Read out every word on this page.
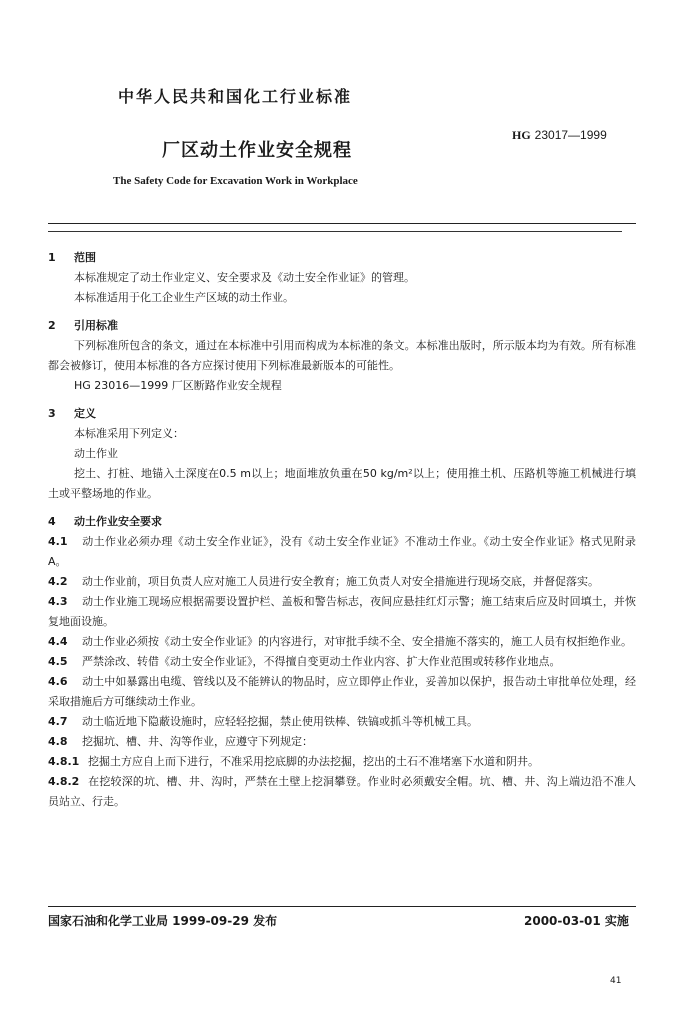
中华人民共和国化工行业标准
HG 23017—1999
厂区动土作业安全规程
The Safety Code for Excavation Work in Workplace
1 范围
本标准规定了动土作业定义、安全要求及《动土安全作业证》的管理。
本标准适用于化工企业生产区域的动土作业。
2 引用标准
下列标准所包含的条文，通过在本标准中引用而构成为本标准的条文。本标准出版时，所示版本均为有效。所有标准都会被修订，使用本标准的各方应探讨使用下列标准最新版本的可能性。
HG 23016—1999 厂区断路作业安全规程
3 定义
本标准采用下列定义：
动土作业
挖土、打桩、地锚入土深度在0.5 m以上；地面堆放负重在50 kg/m²以上；使用推土机、压路机等施工机械进行填土或平整场地的作业。
4 动土作业安全要求
4.1 动土作业必须办理《动土安全作业证》，没有《动土安全作业证》不准动土作业。《动土安全作业证》格式见附录A。
4.2 动土作业前，项目负责人应对施工人员进行安全教育；施工负责人对安全措施进行现场交底，并督促落实。
4.3 动土作业施工现场应根据需要设置护栏、盖板和警告标志，夜间应悬挂红灯示警；施工结束后应及时回填土，并恢复地面设施。
4.4 动土作业必须按《动土安全作业证》的内容进行，对审批手续不全、安全措施不落实的，施工人员有权拒绝作业。
4.5 严禁涂改、转借《动土安全作业证》，不得擅自变更动土作业内容、扩大作业范围或转移作业地点。
4.6 动土中如暴露出电缆、管线以及不能辨认的物品时，应立即停止作业，妥善加以保护，报告动土审批单位处理，经采取措施后方可继续动土作业。
4.7 动土临近地下隐蔽设施时，应轻轻挖掘，禁止使用铁棒、铁镐或抓斗等机械工具。
4.8 挖掘坑、槽、井、沟等作业，应遵守下列规定：
4.8.1 挖掘土方应自上而下进行，不准采用挖底脚的办法挖掘，挖出的土石不准堵塞下水道和阴井。
4.8.2 在挖较深的坑、槽、井、沟时，严禁在土壁上挖洞攀登。作业时必须戴安全帽。坑、槽、井、沟上端边沿不准人员站立、行走。
国家石油和化学工业局 1999-09-29 发布	2000-03-01 实施
41
